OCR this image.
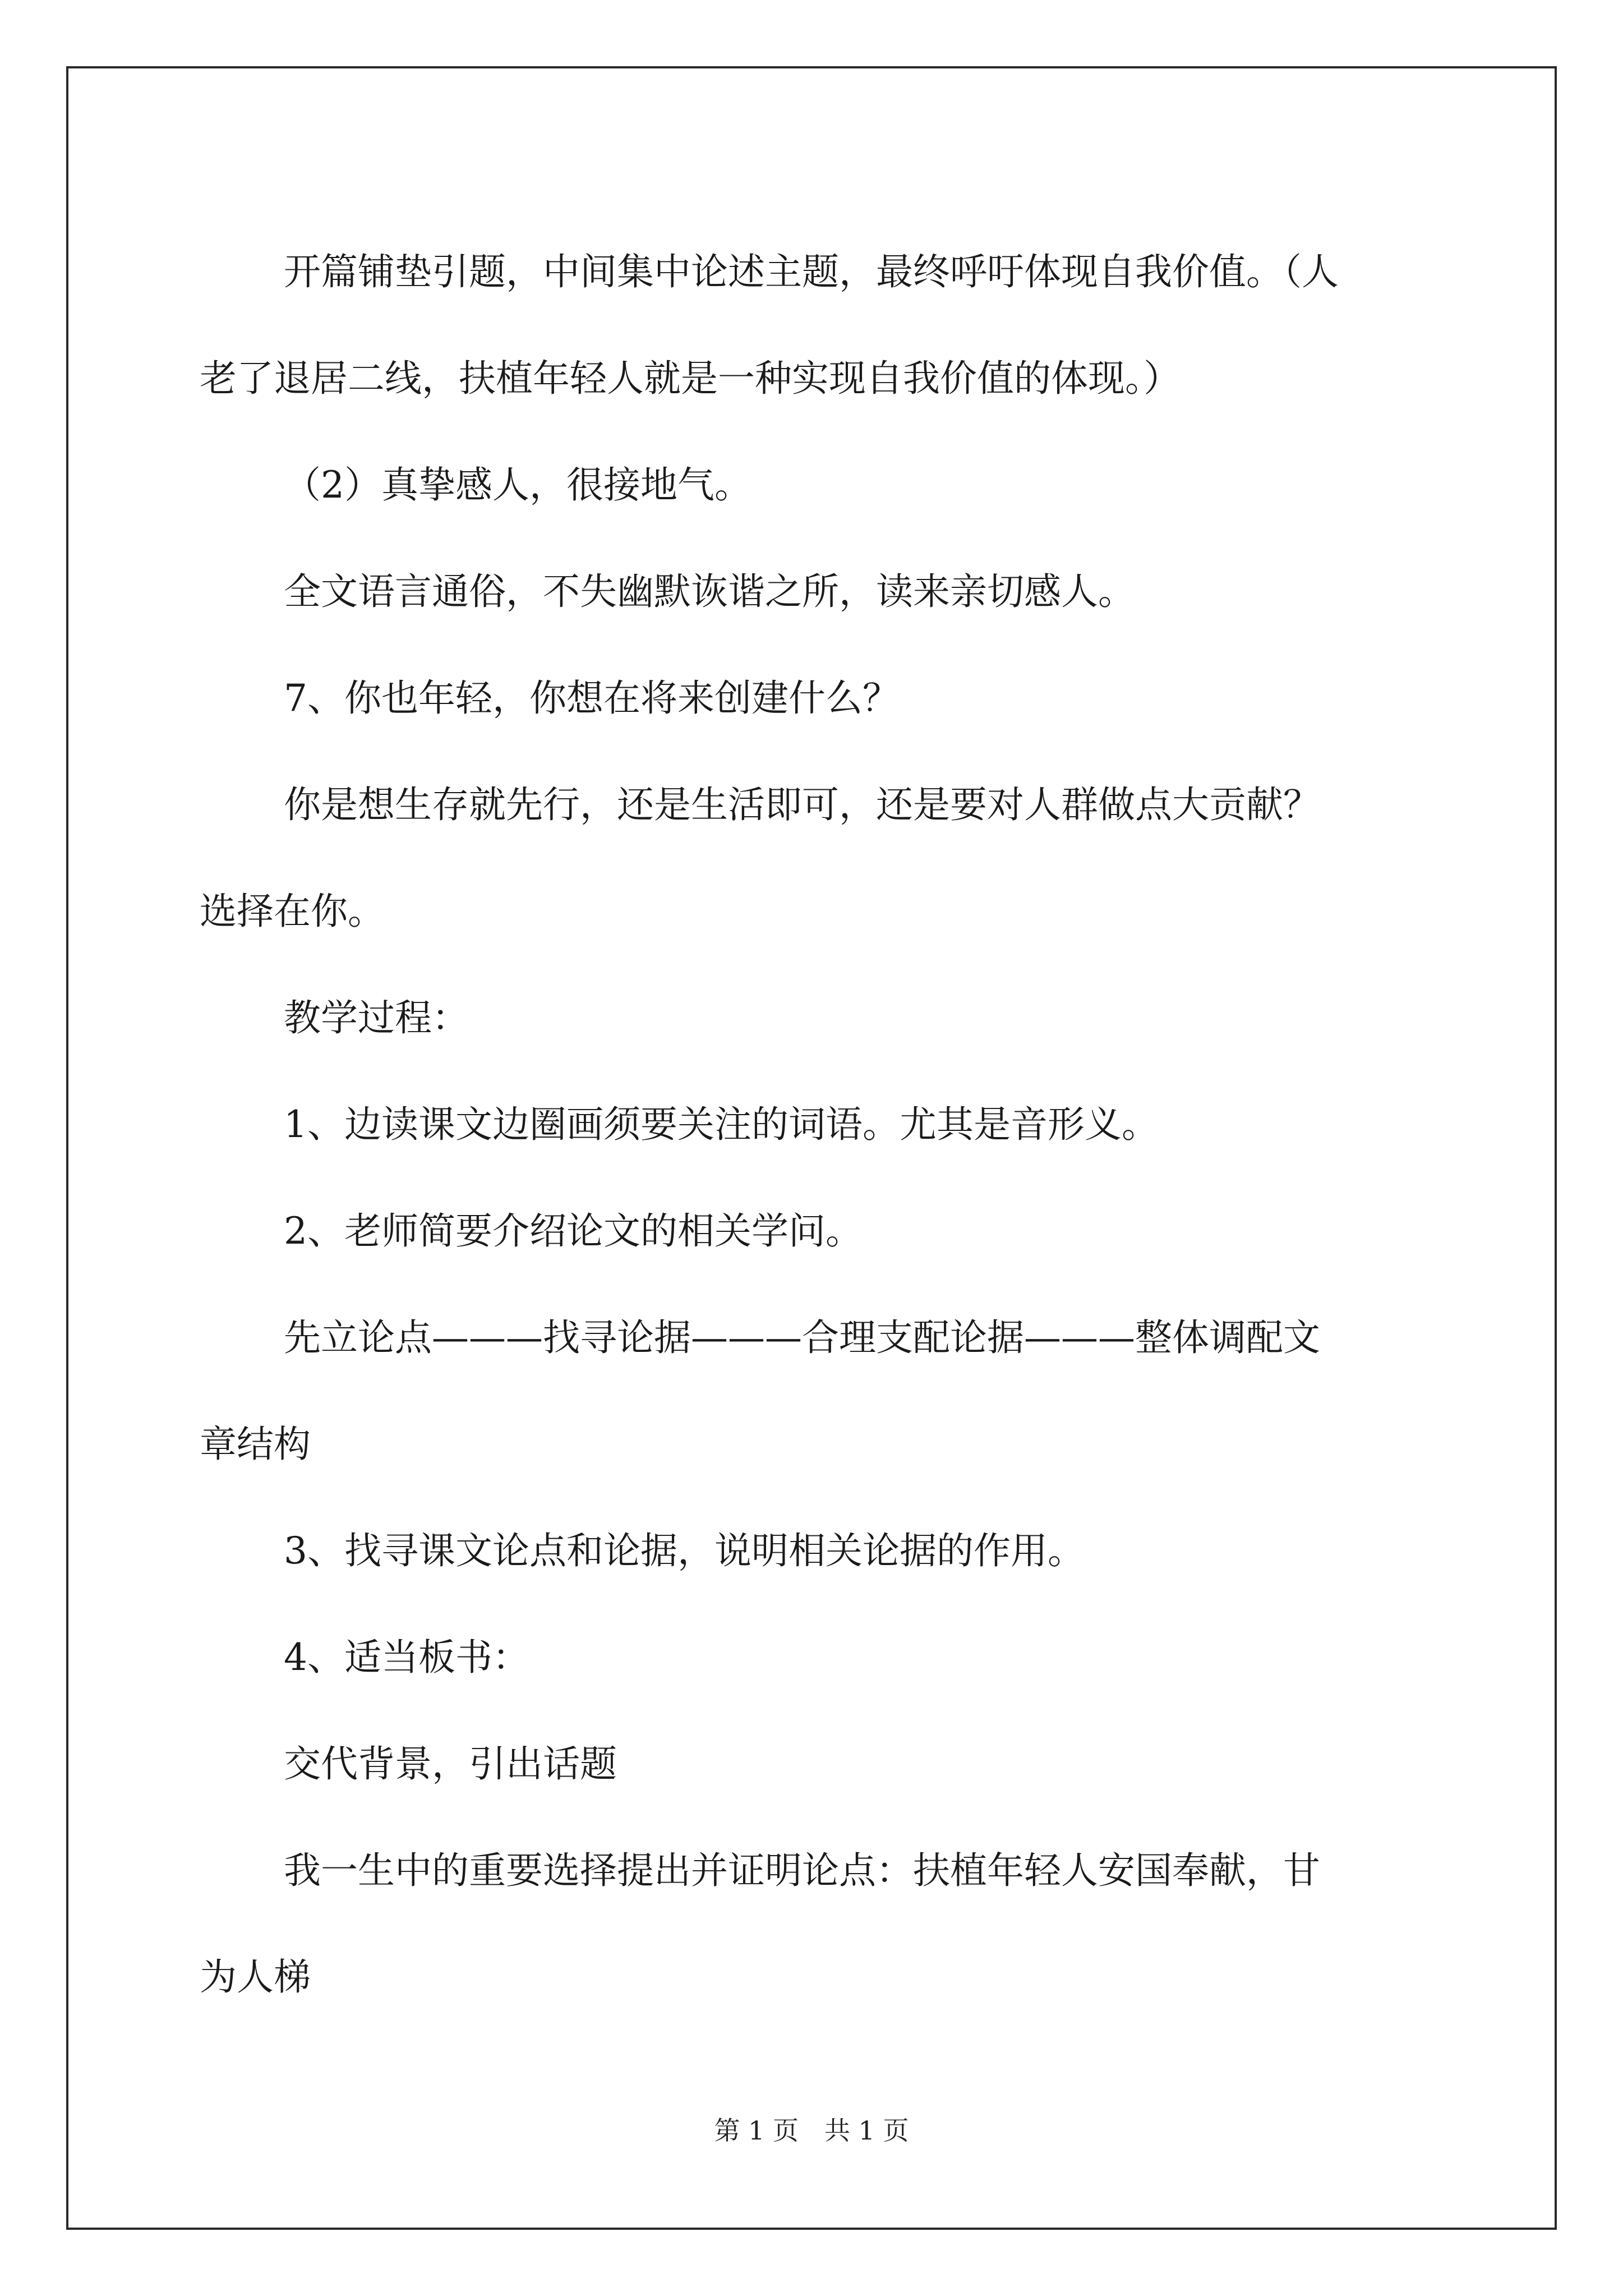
开篇铺垫引题，中间集中论述主题，最终呼吁体现自我价值。（人

老了退居二线，扶植年轻人就是一种实现自我价值的体现。）

（2）真挚感人，很接地气。

全文语言通俗，不失幽默诙谐之所，读来亲切感人。

7、你也年轻，你想在将来创建什么？

你是想生存就先行，还是生活即可，还是要对人群做点大贡献？

选择在你。

教学过程：

1、边读课文边圈画须要关注的词语。尤其是音形义。

2、老师简要介绍论文的相关学问。

先立论点———找寻论据———合理支配论据———整体调配文

章结构

3、找寻课文论点和论据，说明相关论据的作用。

4、适当板书：

交代背景，引出话题

我一生中的重要选择提出并证明论点：扶植年轻人安国奉献，甘

为人梯

第 1 页　共 1 页
